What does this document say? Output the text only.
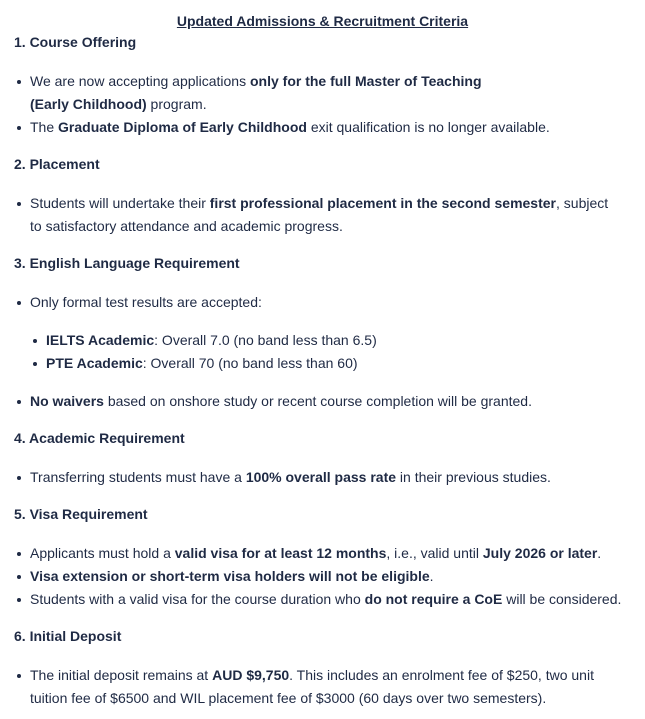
Updated Admissions & Recruitment Criteria
1. Course Offering
We are now accepting applications only for the full Master of Teaching (Early Childhood) program.
The Graduate Diploma of Early Childhood exit qualification is no longer available.
2. Placement
Students will undertake their first professional placement in the second semester, subject to satisfactory attendance and academic progress.
3. English Language Requirement
Only formal test results are accepted:
IELTS Academic: Overall 7.0 (no band less than 6.5)
PTE Academic: Overall 70 (no band less than 60)
No waivers based on onshore study or recent course completion will be granted.
4. Academic Requirement
Transferring students must have a 100% overall pass rate in their previous studies.
5. Visa Requirement
Applicants must hold a valid visa for at least 12 months, i.e., valid until July 2026 or later.
Visa extension or short-term visa holders will not be eligible.
Students with a valid visa for the course duration who do not require a CoE will be considered.
6. Initial Deposit
The initial deposit remains at AUD $9,750. This includes an enrolment fee of $250, two unit tuition fee of $6500 and WIL placement fee of $3000 (60 days over two semesters).
